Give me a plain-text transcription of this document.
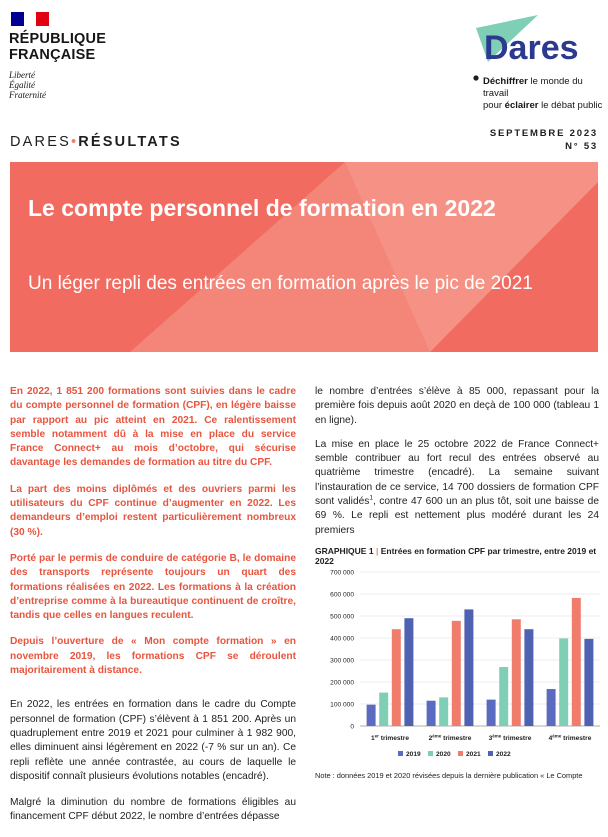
RÉPUBLIQUE
FRANÇAISE
Liberté
Égalité
Fraternité
Dares
Déchiffrer le monde du travail
pour éclairer le débat public
DARES•RÉSULTATS
SEPTEMBRE 2023
N° 53
Le compte personnel de formation en 2022
Un léger repli des entrées en formation après le pic de 2021

En 2022, 1 851 200 formations sont suivies dans le cadre du compte personnel de formation (CPF), en légère baisse par rapport au pic atteint en 2021. Ce ralentissement semble notamment dû à la mise en place du service France Connect+ au mois d’octobre, qui sécurise davantage les demandes de formation au titre du CPF.

La part des moins diplômés et des ouvriers parmi les utilisateurs du CPF continue d’augmenter en 2022. Les demandeurs d’emploi restent particulièrement nombreux (30 %).

Porté par le permis de conduire de catégorie B, le domaine des transports représente toujours un quart des formations réalisées en 2022. Les formations à la création d’entreprise comme à la bureautique continuent de croître, tandis que celles en langues reculent.

Depuis l’ouverture de « Mon compte formation » en novembre 2019, les formations CPF se déroulent majoritairement à distance.

En 2022, les entrées en formation dans le cadre du Compte personnel de formation (CPF) s’élèvent à 1 851 200. Après un quadruplement entre 2019 et 2021 pour culminer à 1 982 900, elles diminuent ainsi légèrement en 2022 (-7 % sur un an). Ce repli reflète une année contrastée, au cours de laquelle le dispositif connaît plusieurs évolutions notables (encadré).

Malgré la diminution du nombre de formations éligibles au financement CPF début 2022, le nombre d’entrées dépasse

le nombre d’entrées s’élève à 85 000, repassant pour la première fois depuis août 2020 en deçà de 100 000 (tableau 1 en ligne).

La mise en place le 25 octobre 2022 de France Connect+ semble contribuer au fort recul des entrées observé au quatrième trimestre (encadré). La semaine suivant l’instauration de ce service, 14 700 dossiers de formation CPF sont validés$^1$, contre 47 600 un an plus tôt, soit une baisse de 69 %. Le repli est nettement plus modéré durant les 24 premiers

GRAPHIQUE 1 | Entrées en formation CPF par trimestre, entre 2019 et 2022
0
100 000
200 000
300 000
400 000
500 000
600 000
700 000
1er trimestre	2ème trimestre	3ème trimestre	4ème trimestre
2019 2020 2021 2022
Note : données 2019 et 2020 révisées depuis la dernière publication « Le Compte
